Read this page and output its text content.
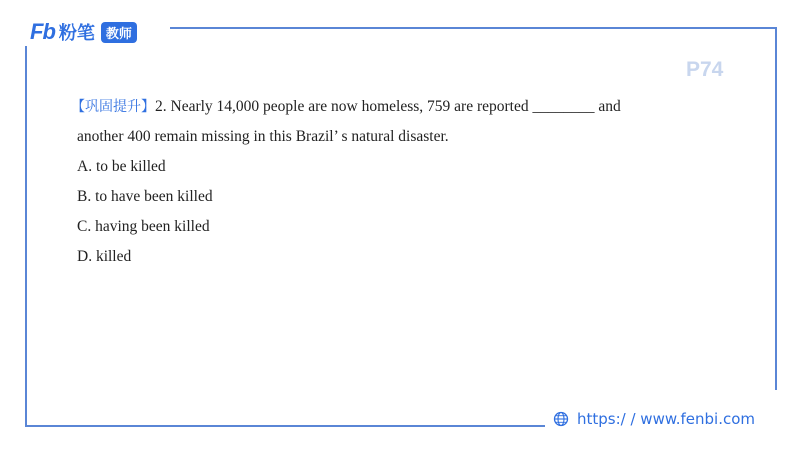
Fb 粉笔 教师
P74
【巩固提升】2. Nearly 14,000 people are now homeless, 759 are reported ________ and
another 400 remain missing in this Brazil’ s natural disaster.
A. to be killed
B. to have been killed
C. having been killed
D. killed
https:/ / www.fenbi.com
